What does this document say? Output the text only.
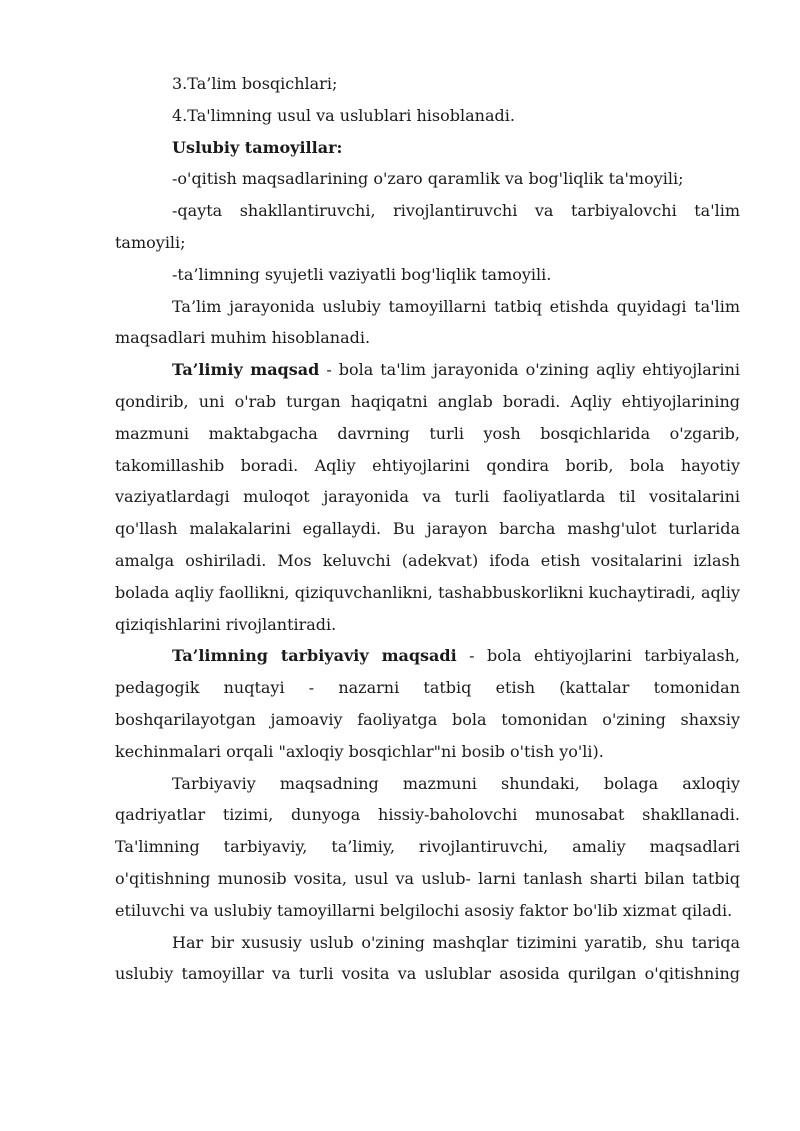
3.Ta’lim bosqichlari;

4.Ta'limning usul va uslublari hisoblanadi.

Uslubiy tamoyillar:

-o'qitish maqsadlarining o'zaro qaramlik va bog'liqlik ta'moyili;

-qayta shakllantiruvchi, rivojlantiruvchi va tarbiyalovchi ta'lim tamoyili;

-ta’limning syujetli vaziyatli bog'liqlik tamoyili.

Ta’lim jarayonida uslubiy tamoyillarni tatbiq etishda quyidagi ta'lim maqsadlari muhim hisoblanadi.

Ta’limiy maqsad - bola ta'lim jarayonida o'zining aqliy ehtiyojlarini qondirib, uni o'rab turgan haqiqatni anglab boradi. Aqliy ehtiyojlarining mazmuni maktabgacha davrning turli yosh bosqichlarida o'zgarib, takomillashib boradi. Aqliy ehtiyojlarini qondira borib, bola hayotiy vaziyatlardagi muloqot jarayonida va turli faoliyatlarda til vositalarini qo'llash malakalarini egallaydi. Bu jarayon barcha mashg'ulot turlarida amalga oshiriladi. Mos keluvchi (adekvat) ifoda etish vositalarini izlash bolada aqliy faollikni, qiziquvchanlikni, tashabbuskorlikni kuchaytiradi, aqliy qiziqishlarini rivojlantiradi.

Ta’limning tarbiyaviy maqsadi - bola ehtiyojlarini tarbiyalash, pedagogik nuqtayi - nazarni tatbiq etish (kattalar tomonidan boshqarilayotgan jamoaviy faoliyatga bola tomonidan o'zining shaxsiy kechinmalari orqali "axloqiy bosqichlar"ni bosib o'tish yo'li).

Tarbiyaviy maqsadning mazmuni shundaki, bolaga axloqiy qadriyatlar tizimi, dunyoga hissiy-baholovchi munosabat shakllanadi. Ta'limning tarbiyaviy, ta’limiy, rivojlantiruvchi, amaliy maqsadlari o'qitishning munosib vosita, usul va uslub- larni tanlash sharti bilan tatbiq etiluvchi va uslubiy tamoyillarni belgilochi asosiy faktor bo'lib xizmat qiladi.

Har bir xususiy uslub o'zining mashqlar tizimini yaratib, shu tariqa uslubiy tamoyillar va turli vosita va uslublar asosida qurilgan o'qitishning
